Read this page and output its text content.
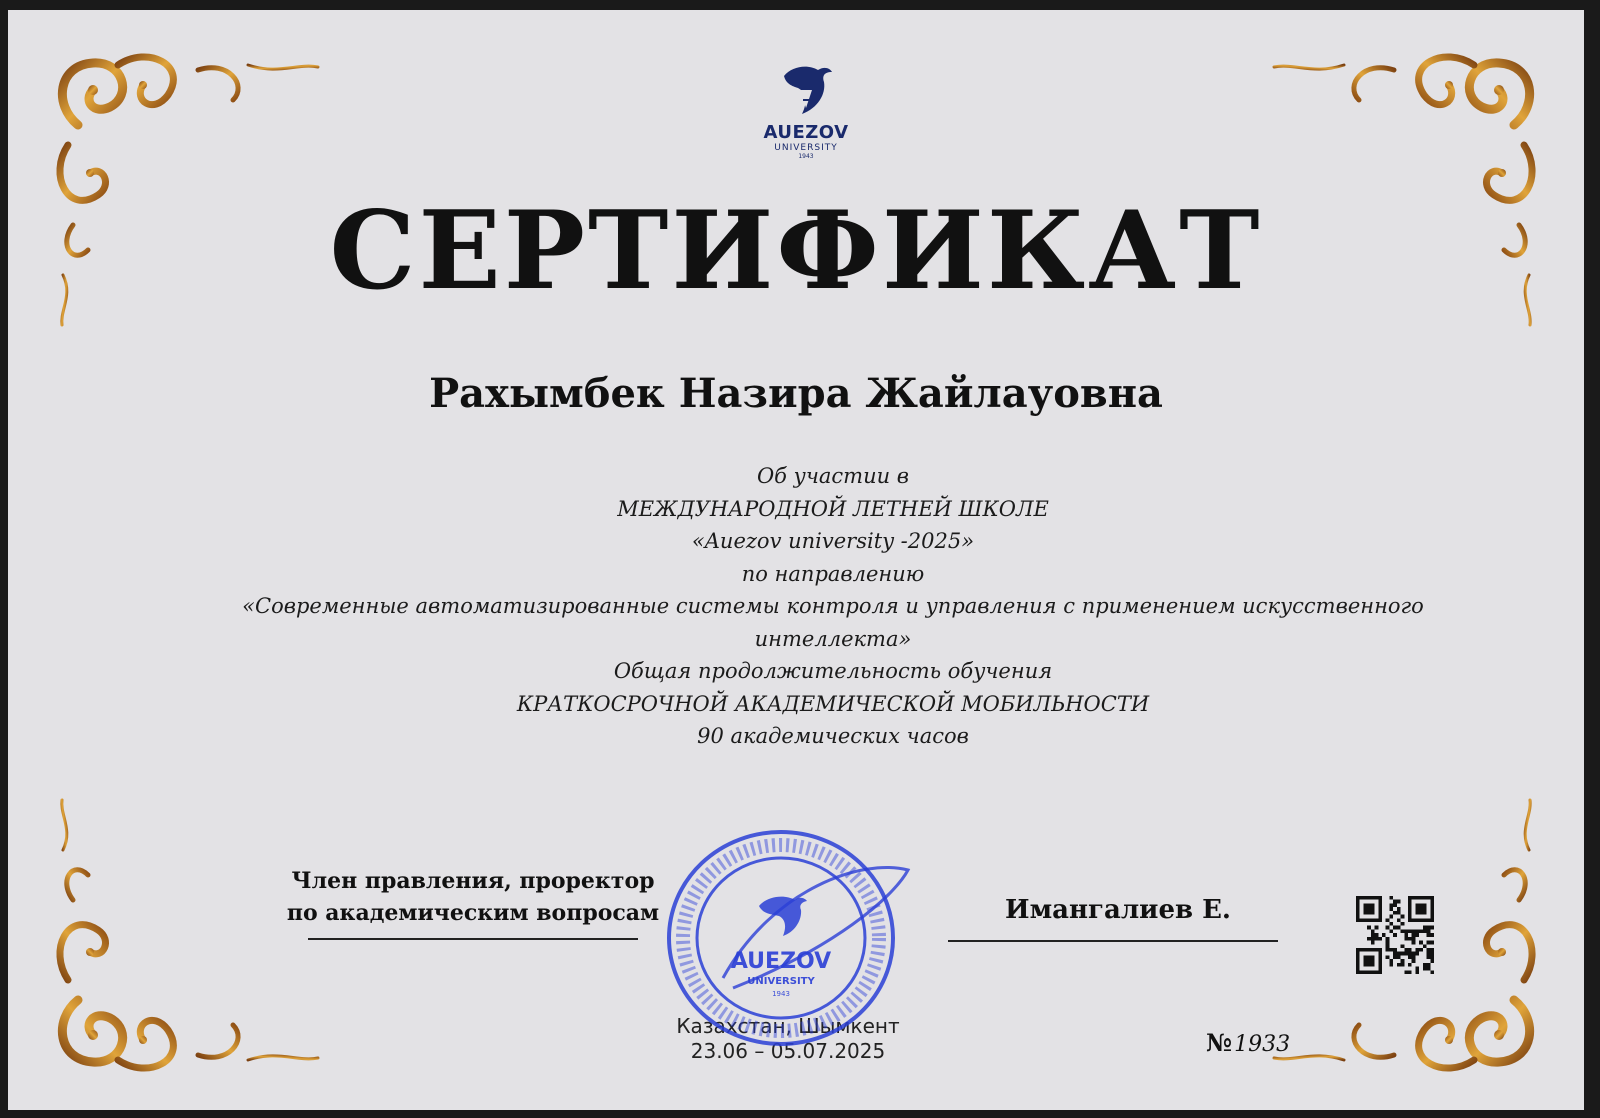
AUEZOV
UNIVERSITY
1943
СЕРТИФИКАТ
Рахымбек Назира Жайлауовна
Об участии в
МЕЖДУНАРОДНОЙ ЛЕТНЕЙ ШКОЛЕ
«Auezov university -2025»
по направлению
«Современные автоматизированные системы контроля и управления с применением искусственного
интеллекта»
Общая продолжительность обучения
КРАТКОСРОЧНОЙ АКАДЕМИЧЕСКОЙ МОБИЛЬНОСТИ
90 академических часов
Член правления, проректор
по академическим вопросам	Имангалиев Е.
Казахстан, Шымкент
23.06 – 05.07.2025
AUEZOV
UNIVERSITY
1943
№1933
